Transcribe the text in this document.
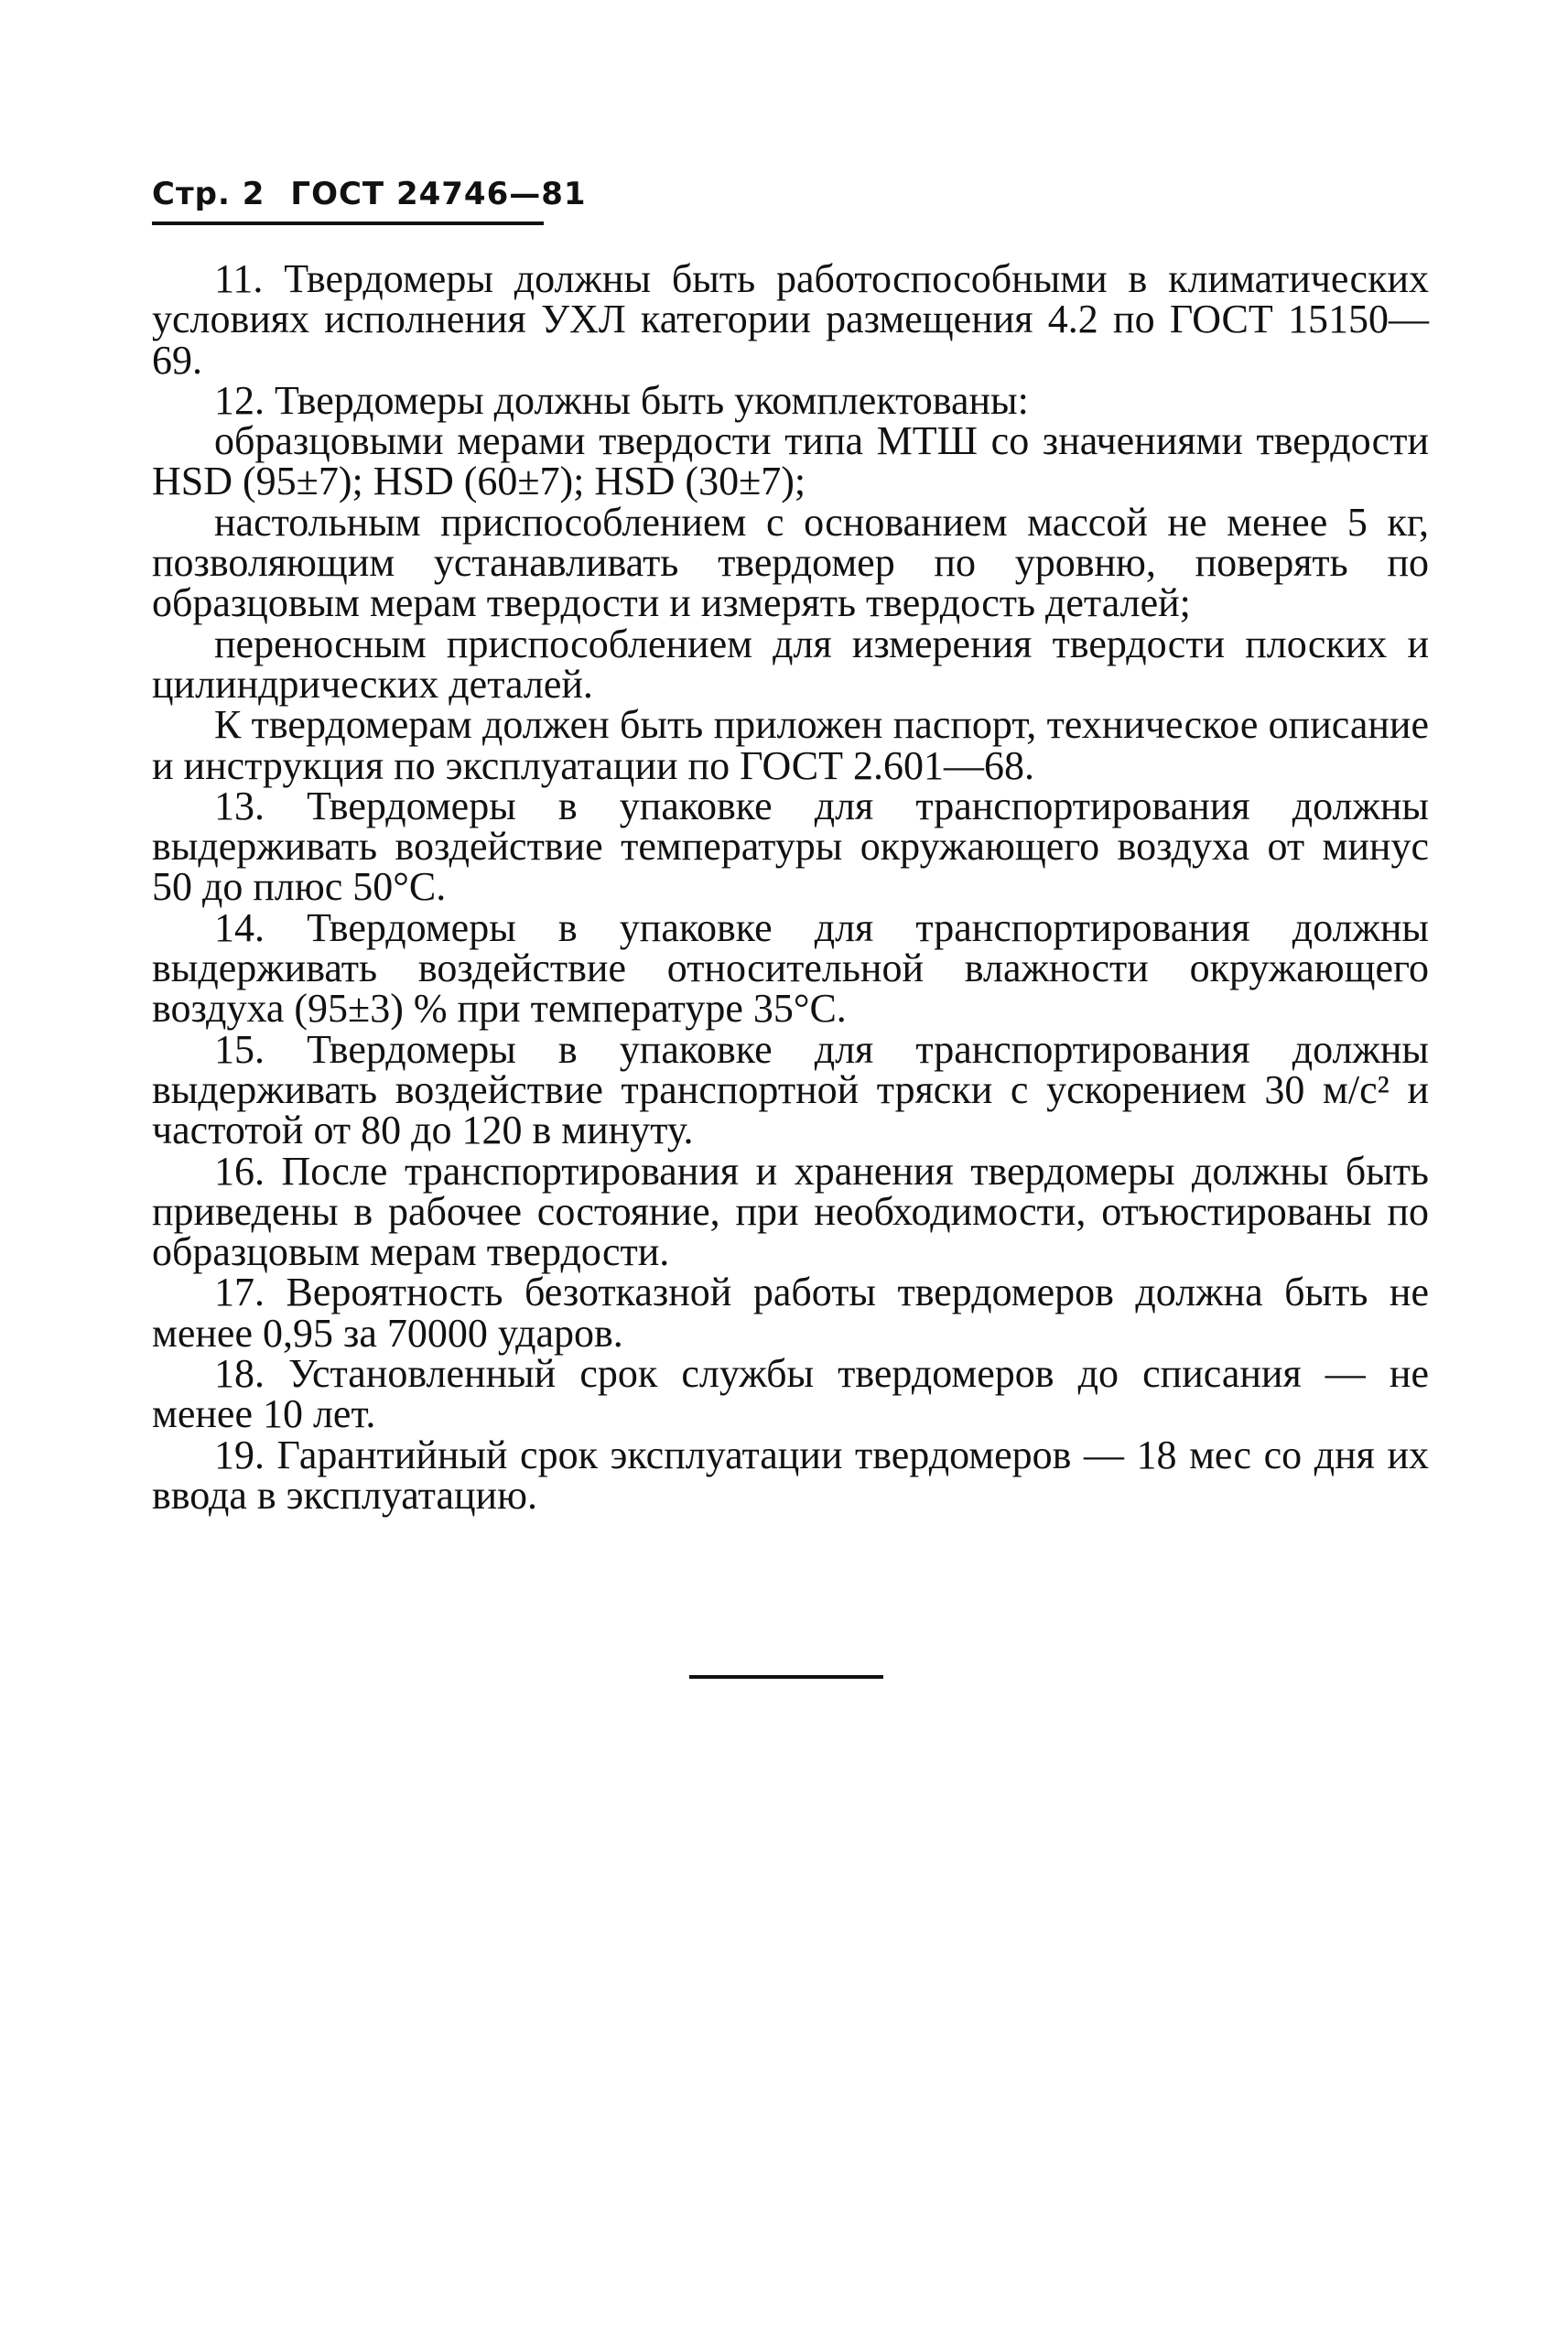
Стр. 2 ГОСТ 24746—81

11. Твердомеры должны быть работоспособными в климатических условиях исполнения УХЛ категории размещения 4.2 по ГОСТ 15150—69.

12. Твердомеры должны быть укомплектованы:

образцовыми мерами твердости типа МТШ со значениями твердости HSD (95±7); HSD (60±7); HSD (30±7);

настольным приспособлением с основанием массой не менее 5 кг, позволяющим устанавливать твердомер по уровню, поверять по образцовым мерам твердости и измерять твердость деталей;

переносным приспособлением для измерения твердости плоских и цилиндрических деталей.

К твердомерам должен быть приложен паспорт, техническое описание и инструкция по эксплуатации по ГОСТ 2.601—68.

13. Твердомеры в упаковке для транспортирования должны выдерживать воздействие температуры окружающего воздуха от минус 50 до плюс 50°С.

14. Твердомеры в упаковке для транспортирования должны выдерживать воздействие относительной влажности окружающего воздуха (95±3) % при температуре 35°С.

15. Твердомеры в упаковке для транспортирования должны выдерживать воздействие транспортной тряски с ускорением 30 м/с² и частотой от 80 до 120 в минуту.

16. После транспортирования и хранения твердомеры должны быть приведены в рабочее состояние, при необходимости, отъюстированы по образцовым мерам твердости.

17. Вероятность безотказной работы твердомеров должна быть не менее 0,95 за 70000 ударов.

18. Установленный срок службы твердомеров до списания — не менее 10 лет.

19. Гарантийный срок эксплуатации твердомеров — 18 мес со дня их ввода в эксплуатацию.
